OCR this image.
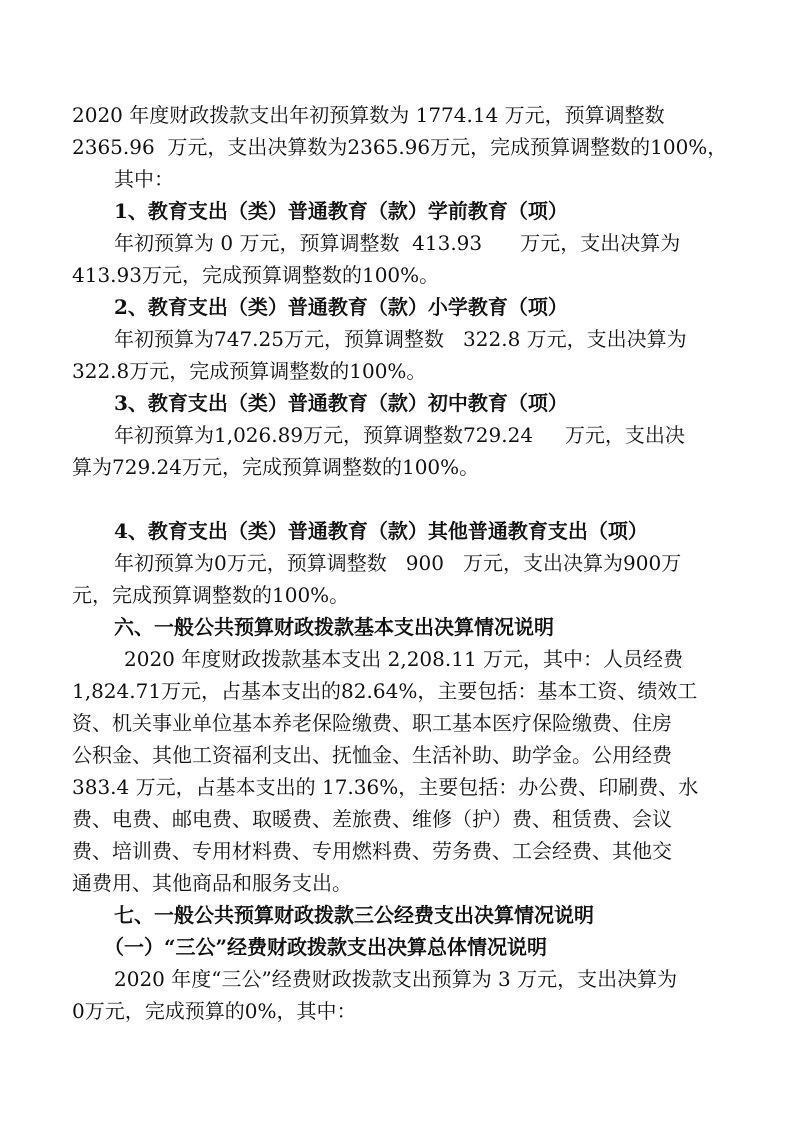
2020 年度财政拨款支出年初预算数为 1774.14 万元，预算调整数
2365.96  万元，支出决算数为2365.96万元，完成预算调整数的100%，
其中：
1、教育支出（类）普通教育（款）学前教育（项）
年初预算为 0 万元，预算调整数  413.93      万元，支出决算为
413.93万元，完成预算调整数的100%。
2、教育支出（类）普通教育（款）小学教育（项）
年初预算为747.25万元，预算调整数   322.8 万元，支出决算为
322.8万元，完成预算调整数的100%。
3、教育支出（类）普通教育（款）初中教育（项）
年初预算为1,026.89万元，预算调整数729.24     万元，支出决
算为729.24万元，完成预算调整数的100%。
4、教育支出（类）普通教育（款）其他普通教育支出（项）
年初预算为0万元，预算调整数   900   万元，支出决算为900万
元，完成预算调整数的100%。
六、一般公共预算财政拨款基本支出决算情况说明
2020 年度财政拨款基本支出 2,208.11 万元，其中：人员经费
1,824.71万元，占基本支出的82.64%，主要包括：基本工资、绩效工
资、机关事业单位基本养老保险缴费、职工基本医疗保险缴费、住房
公积金、其他工资福利支出、抚恤金、生活补助、助学金。公用经费
383.4 万元，占基本支出的 17.36%，主要包括：办公费、印刷费、水
费、电费、邮电费、取暖费、差旅费、维修（护）费、租赁费、会议
费、培训费、专用材料费、专用燃料费、劳务费、工会经费、其他交
通费用、其他商品和服务支出。
七、一般公共预算财政拨款三公经费支出决算情况说明
（一）“三公”经费财政拨款支出决算总体情况说明
2020 年度“三公”经费财政拨款支出预算为 3 万元，支出决算为
0万元，完成预算的0%，其中：
